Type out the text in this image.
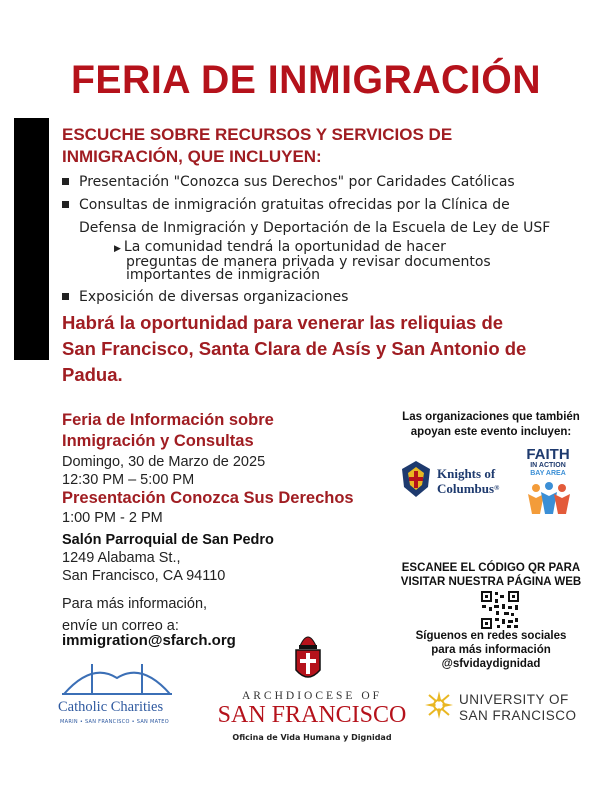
FERIA DE INMIGRACIÓN
ESCUCHE SOBRE RECURSOS Y SERVICIOS DE
INMIGRACIÓN, QUE INCLUYEN:
Presentación "Conozca sus Derechos" por Caridades Católicas
Consultas de inmigración gratuitas ofrecidas por la Clínica de
Defensa de Inmigración y Deportación de la Escuela de Ley de USF
▶ La comunidad tendrá la oportunidad de hacer
preguntas de manera privada y revisar documentos
importantes de inmigración
Exposición de diversas organizaciones
Habrá la oportunidad para venerar las reliquias de
San Francisco, Santa Clara de Asís y San Antonio de
Padua.
Feria de Información sobre
Inmigración y Consultas
Domingo, 30 de Marzo de 2025
12:30 PM – 5:00 PM
Presentación Conozca Sus Derechos
1:00 PM - 2 PM
Salón Parroquial de San Pedro
1249 Alabama St.,
San Francisco, CA 94110
Para más información,
envíe un correo a:
immigration@sfarch.org
Las organizaciones que también
apoyan este evento incluyen:
Knights of
Columbus®
FAITH
IN ACTION
BAY AREA
ESCANEE EL CÓDIGO QR PARA
VISITAR NUESTRA PÁGINA WEB
Síguenos en redes sociales
para más información
@sfvidaydignidad
Catholic Charities
MARIN • SAN FRANCISCO • SAN MATEO
ARCHDIOCESE OF
SAN FRANCISCO
Oficina de Vida Humana y Dignidad
UNIVERSITY OF
SAN FRANCISCO
